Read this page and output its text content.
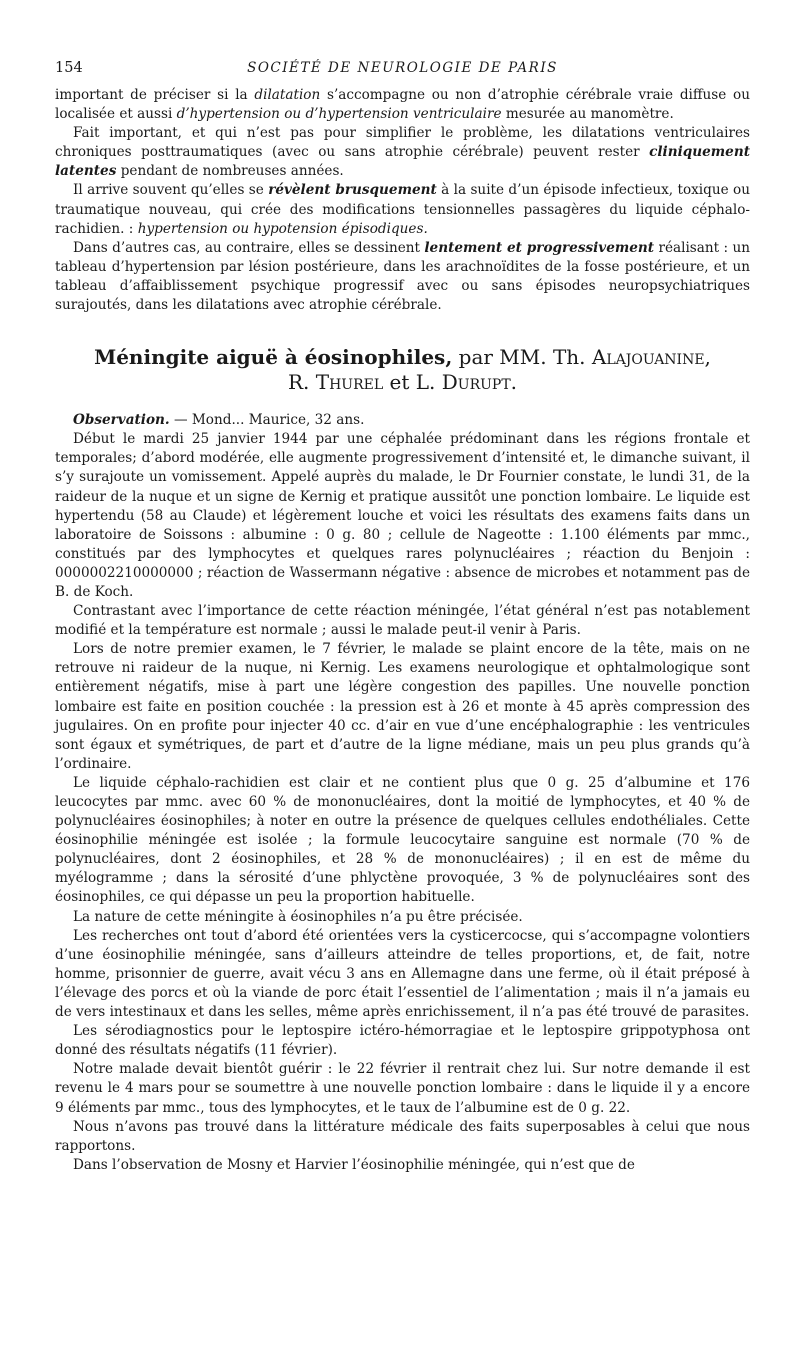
154	SOCIÉTÉ DE NEUROLOGIE DE PARIS

important de préciser si la dilatation s’accompagne ou non d’atrophie cérébrale vraie diffuse ou localisée et aussi d’hypertension ou d’hypertension ventriculaire mesurée au manomètre.

Fait important, et qui n’est pas pour simplifier le problème, les dilatations ventriculaires chroniques posttraumatiques (avec ou sans atrophie cérébrale) peuvent rester cliniquement latentes pendant de nombreuses années.

Il arrive souvent qu’elles se révèlent brusquement à la suite d’un épisode infectieux, toxique ou traumatique nouveau, qui crée des modifications tensionnelles passagères du liquide céphalo-rachidien. : hypertension ou hypotension épisodiques.

Dans d’autres cas, au contraire, elles se dessinent lentement et progressivement réalisant : un tableau d’hypertension par lésion postérieure, dans les arachnoïdites de la fosse postérieure, et un tableau d’affaiblissement psychique progressif avec ou sans épisodes neuropsychiatriques surajoutés, dans les dilatations avec atrophie cérébrale.

Méningite aiguë à éosinophiles, par MM. Th. Alajouanine,
R. Thurel et L. Durupt.

Observation. — Mond... Maurice, 32 ans.

Début le mardi 25 janvier 1944 par une céphalée prédominant dans les régions frontale et temporales; d’abord modérée, elle augmente progressivement d’intensité et, le dimanche suivant, il s’y surajoute un vomissement. Appelé auprès du malade, le Dr Fournier constate, le lundi 31, de la raideur de la nuque et un signe de Kernig et pratique aussitôt une ponction lombaire. Le liquide est hypertendu (58 au Claude) et légèrement louche et voici les résultats des examens faits dans un laboratoire de Soissons : albumine : 0 g. 80 ; cellule de Nageotte : 1.100 éléments par mmc., constitués par des lymphocytes et quelques rares polynucléaires ; réaction du Benjoin : 0000002210000000 ; réaction de Wassermann négative : absence de microbes et notamment pas de B. de Koch.

Contrastant avec l’importance de cette réaction méningée, l’état général n’est pas notablement modifié et la température est normale ; aussi le malade peut-il venir à Paris.

Lors de notre premier examen, le 7 février, le malade se plaint encore de la tête, mais on ne retrouve ni raideur de la nuque, ni Kernig. Les examens neurologique et ophtalmologique sont entièrement négatifs, mise à part une légère congestion des papilles. Une nouvelle ponction lombaire est faite en position couchée : la pression est à 26 et monte à 45 après compression des jugulaires. On en profite pour injecter 40 cc. d’air en vue d’une encéphalographie : les ventricules sont égaux et symétriques, de part et d’autre de la ligne médiane, mais un peu plus grands qu’à l’ordinaire.

Le liquide céphalo-rachidien est clair et ne contient plus que 0 g. 25 d’albumine et 176 leucocytes par mmc. avec 60 % de mononucléaires, dont la moitié de lymphocytes, et 40 % de polynucléaires éosinophiles; à noter en outre la présence de quelques cellules endothéliales. Cette éosinophilie méningée est isolée ; la formule leucocytaire sanguine est normale (70 % de polynucléaires, dont 2 éosinophiles, et 28 % de mononucléaires) ; il en est de même du myélogramme ; dans la sérosité d’une phlyctène provoquée, 3 % de polynucléaires sont des éosinophiles, ce qui dépasse un peu la proportion habituelle.

La nature de cette méningite à éosinophiles n’a pu être précisée.

Les recherches ont tout d’abord été orientées vers la cysticercocse, qui s’accompagne volontiers d’une éosinophilie méningée, sans d’ailleurs atteindre de telles proportions, et, de fait, notre homme, prisonnier de guerre, avait vécu 3 ans en Allemagne dans une ferme, où il était préposé à l’élevage des porcs et où la viande de porc était l’essentiel de l’alimentation ; mais il n’a jamais eu de vers intestinaux et dans les selles, même après enrichissement, il n’a pas été trouvé de parasites.

Les sérodiagnostics pour le leptospire ictéro-hémorragiae et le leptospire grippotyphosa ont donné des résultats négatifs (11 février).

Notre malade devait bientôt guérir : le 22 février il rentrait chez lui. Sur notre demande il est revenu le 4 mars pour se soumettre à une nouvelle ponction lombaire : dans le liquide il y a encore 9 éléments par mmc., tous des lymphocytes, et le taux de l’albumine est de 0 g. 22.

Nous n’avons pas trouvé dans la littérature médicale des faits superposables à celui que nous rapportons.

Dans l’observation de Mosny et Harvier l’éosinophilie méningée, qui n’est que de
